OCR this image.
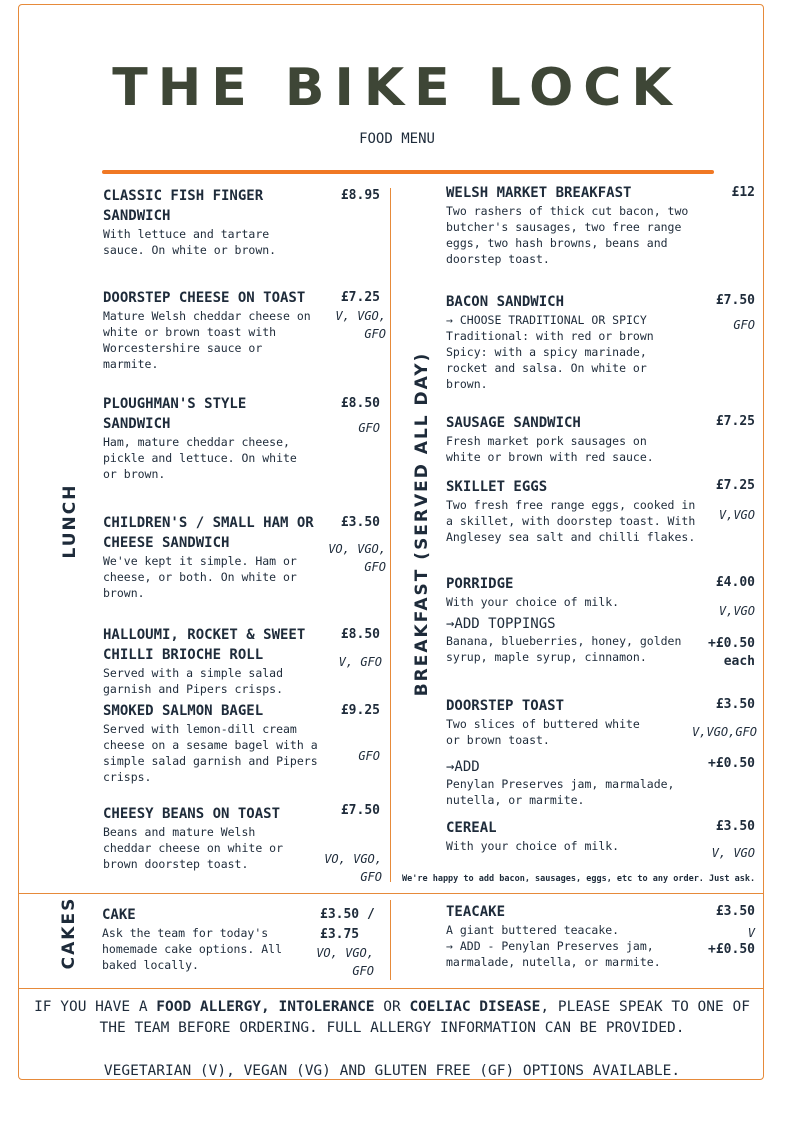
THE BIKE LOCK
FOOD MENU
LUNCH	BREAKFAST (SERVED ALL DAY)
CAKES
CLASSIC FISH FINGER SANDWICH
With lettuce and tartare sauce. On white or brown.
£8.95
DOORSTEP CHEESE ON TOAST
Mature Welsh cheddar cheese on white or brown toast with Worcestershire sauce or marmite.
£7.25
V, VGO, GFO
PLOUGHMAN'S STYLE SANDWICH
Ham, mature cheddar cheese, pickle and lettuce. On white or brown.
£8.50
GFO
CHILDREN'S / SMALL HAM OR CHEESE SANDWICH
We've kept it simple. Ham or cheese, or both. On white or brown.
£3.50
VO, VGO, GFO
HALLOUMI, ROCKET & SWEET CHILLI BRIOCHE ROLL
Served with a simple salad garnish and Pipers crisps.
£8.50
V, GFO
SMOKED SALMON BAGEL
Served with lemon-dill cream cheese on a sesame bagel with a simple salad garnish and Pipers crisps.
£9.25
GFO
CHEESY BEANS ON TOAST
Beans and mature Welsh cheddar cheese on white or brown doorstep toast.
£7.50
VO, VGO, GFO
WELSH MARKET BREAKFAST
Two rashers of thick cut bacon, two butcher's sausages, two free range eggs, two hash browns, beans and doorstep toast.
£12
BACON SANDWICH
→ CHOOSE TRADITIONAL OR SPICY
Traditional: with red or brown Spicy: with a spicy marinade, rocket and salsa. On white or brown.
£7.50
GFO
SAUSAGE SANDWICH
Fresh market pork sausages on white or brown with red sauce.
£7.25
SKILLET EGGS
Two fresh free range eggs, cooked in a skillet, with doorstep toast. With Anglesey sea salt and chilli flakes.
£7.25
V,VGO
PORRIDGE
With your choice of milk.
→ADD TOPPINGS
Banana, blueberries, honey, golden syrup, maple syrup, cinnamon.
£4.00
V,VGO
+£0.50
each
DOORSTEP TOAST
Two slices of buttered white or brown toast.
→ADD
Penylan Preserves jam, marmalade, nutella, or marmite.
£3.50
V,VGO,GFO
+£0.50
CEREAL
With your choice of milk.
£3.50
V, VGO
We're happy to add bacon, sausages, eggs, etc to any order. Just ask.
CAKE
Ask the team for today's homemade cake options. All baked locally.
£3.50 / £3.75
VO, VGO, GFO
TEACAKE
A giant buttered teacake.
→ ADD - Penylan Preserves jam, marmalade, nutella, or marmite.
£3.50
V
+£0.50
IF YOU HAVE A FOOD ALLERGY, INTOLERANCE OR COELIAC DISEASE, PLEASE SPEAK TO ONE OF THE TEAM BEFORE ORDERING. FULL ALLERGY INFORMATION CAN BE PROVIDED.
VEGETARIAN (V), VEGAN (VG) AND GLUTEN FREE (GF) OPTIONS AVAILABLE.
